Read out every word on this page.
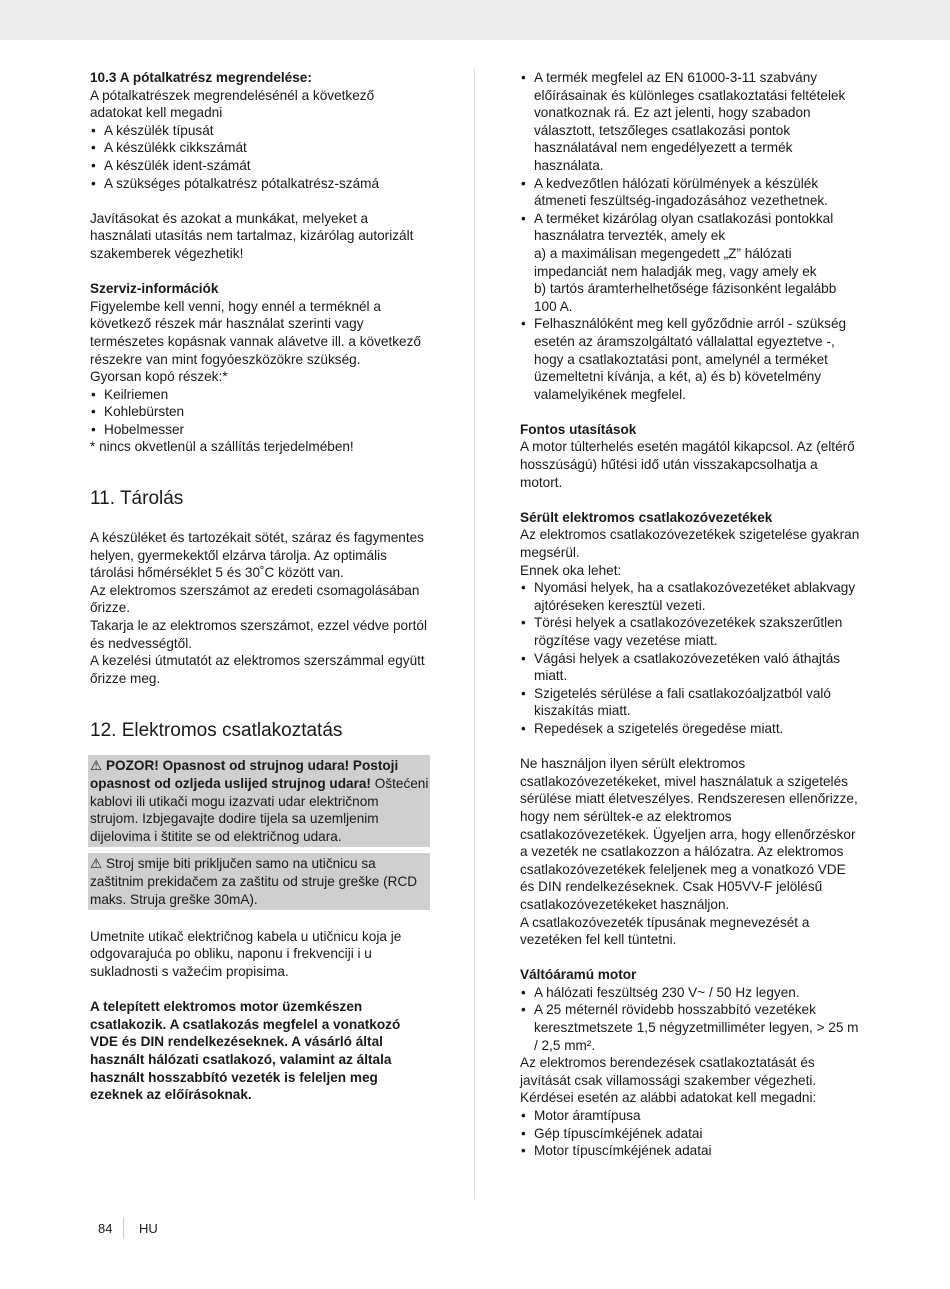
10.3 A pótalkatrész megrendelése:

A pótalkatrészek megrendelésénél a következő adatokat kell megadni

• A készülék típusát
• A készülékk cikkszámát
• A készülék ident-számát
• A szükséges pótalkatrész pótalkatrész-számá

Javításokat és azokat a munkákat, melyeket a használati utasítás nem tartalmaz, kizárólag autorizált szakemberek végezhetik!

Szerviz-információk

Figyelembe kell venni, hogy ennél a terméknél a következő részek már használat szerinti vagy természetes kopásnak vannak alávetve ill. a következő részekre van mint fogyóeszközökre szükség.

Gyorsan kopó részek:*

• Keilriemen
• Kohlebürsten
• Hobelmesser

* nincs okvetlenül a szállítás terjedelmében!

11. Tárolás

A készüléket és tartozékait sötét, száraz és fagymentes helyen, gyermekektől elzárva tárolja. Az optimális tárolási hőmérséklet 5 és 30˚C között van.

Az elektromos szerszámot az eredeti csomagolásában őrizze.

Takarja le az elektromos szerszámot, ezzel védve portól és nedvességtől.

A kezelési útmutatót az elektromos szerszámmal együtt őrizze meg.

12. Elektromos csatlakoztatás

⚠ POZOR! Opasnost od strujnog udara! Postoji opasnost od ozljeda uslijed strujnog udara! Oštećeni kablovi ili utikači mogu izazvati udar električnom strujom. Izbjegavajte dodire tijela sa uzemljenim dijelovima i štitite se od električnog udara.

⚠ Stroj smije biti priključen samo na utičnicu sa zaštitnim prekidačem za zaštitu od struje greške (RCD maks. Struja greške 30mA).

Umetnite utikač električnog kabela u utičnicu koja je odgovarajuća po obliku, naponu i frekvenciji i u sukladnosti s važećim propisima.

A telepített elektromos motor üzemkészen csatlakozik. A csatlakozás megfelel a vonatkozó VDE és DIN rendelkezéseknek. A vásárló által használt hálózati csatlakozó, valamint az általa használt hosszabbító vezeték is feleljen meg ezeknek az előírásoknak.

• A termék megfelel az EN 61000-3-11 szabvány előírásainak és különleges csatlakoztatási feltételek vonatkoznak rá. Ez azt jelenti, hogy szabadon választott, tetszőleges csatlakozási pontok használatával nem engedélyezett a termék használata.
• A kedvezőtlen hálózati körülmények a készülék átmeneti feszültség-ingadozásához vezethetnek.
• A terméket kizárólag olyan csatlakozási pontokkal használatra tervezték, amely ek

a) a maximálisan megengedett „Z” hálózati impedanciát nem haladják meg, vagy amely ek

b) tartós áramterhelhetősége fázisonként legalább 100 A.

• Felhasználóként meg kell győződnie arról - szükség esetén az áramszolgáltató vállalattal egyeztetve -, hogy a csatlakoztatási pont, amelynél a terméket üzemeltetni kívánja, a két, a) és b) követelmény valamelyikének megfelel.

Fontos utasítások

A motor túlterhelés esetén magától kikapcsol. Az (eltérő hosszúságú) hűtési idő után visszakapcsolhatja a motort.

Sérült elektromos csatlakozóvezetékek

Az elektromos csatlakozóvezetékek szigetelése gyakran megsérül.

Ennek oka lehet:

• Nyomási helyek, ha a csatlakozóvezetéket ablakvagy ajtóréseken keresztül vezeti.
• Törési helyek a csatlakozóvezetékek szakszerűtlen rögzítése vagy vezetése miatt.
• Vágási helyek a csatlakozóvezetéken való áthajtás miatt.
• Szigetelés sérülése a fali csatlakozóaljzatból való kiszakítás miatt.
• Repedések a szigetelés öregedése miatt.

Ne használjon ilyen sérült elektromos csatlakozóvezetékeket, mivel használatuk a szigetelés sérülése miatt életveszélyes. Rendszeresen ellenőrizze, hogy nem sérültek-e az elektromos csatlakozóvezetékek. Ügyeljen arra, hogy ellenőrzéskor a vezeték ne csatlakozzon a hálózatra. Az elektromos csatlakozóvezetékek feleljenek meg a vonatkozó VDE és DIN rendelkezéseknek. Csak H05VV-F jelölésű csatlakozóvezetékeket használjon.

A csatlakozóvezeték típusának megnevezését a vezetéken fel kell tüntetni.

Váltóáramú motor

• A hálózati feszültség 230 V~ / 50 Hz legyen.
• A 25 méternél rövidebb hosszabbító vezetékek keresztmetszete 1,5 négyzetmilliméter legyen, > 25 m / 2,5 mm².

Az elektromos berendezések csatlakoztatását és javítását csak villamossági szakember végezheti.

Kérdései esetén az alábbi adatokat kell megadni:

• Motor áramtípusa
• Gép típuscímkéjének adatai
• Motor típuscímkéjének adatai
84 HU
